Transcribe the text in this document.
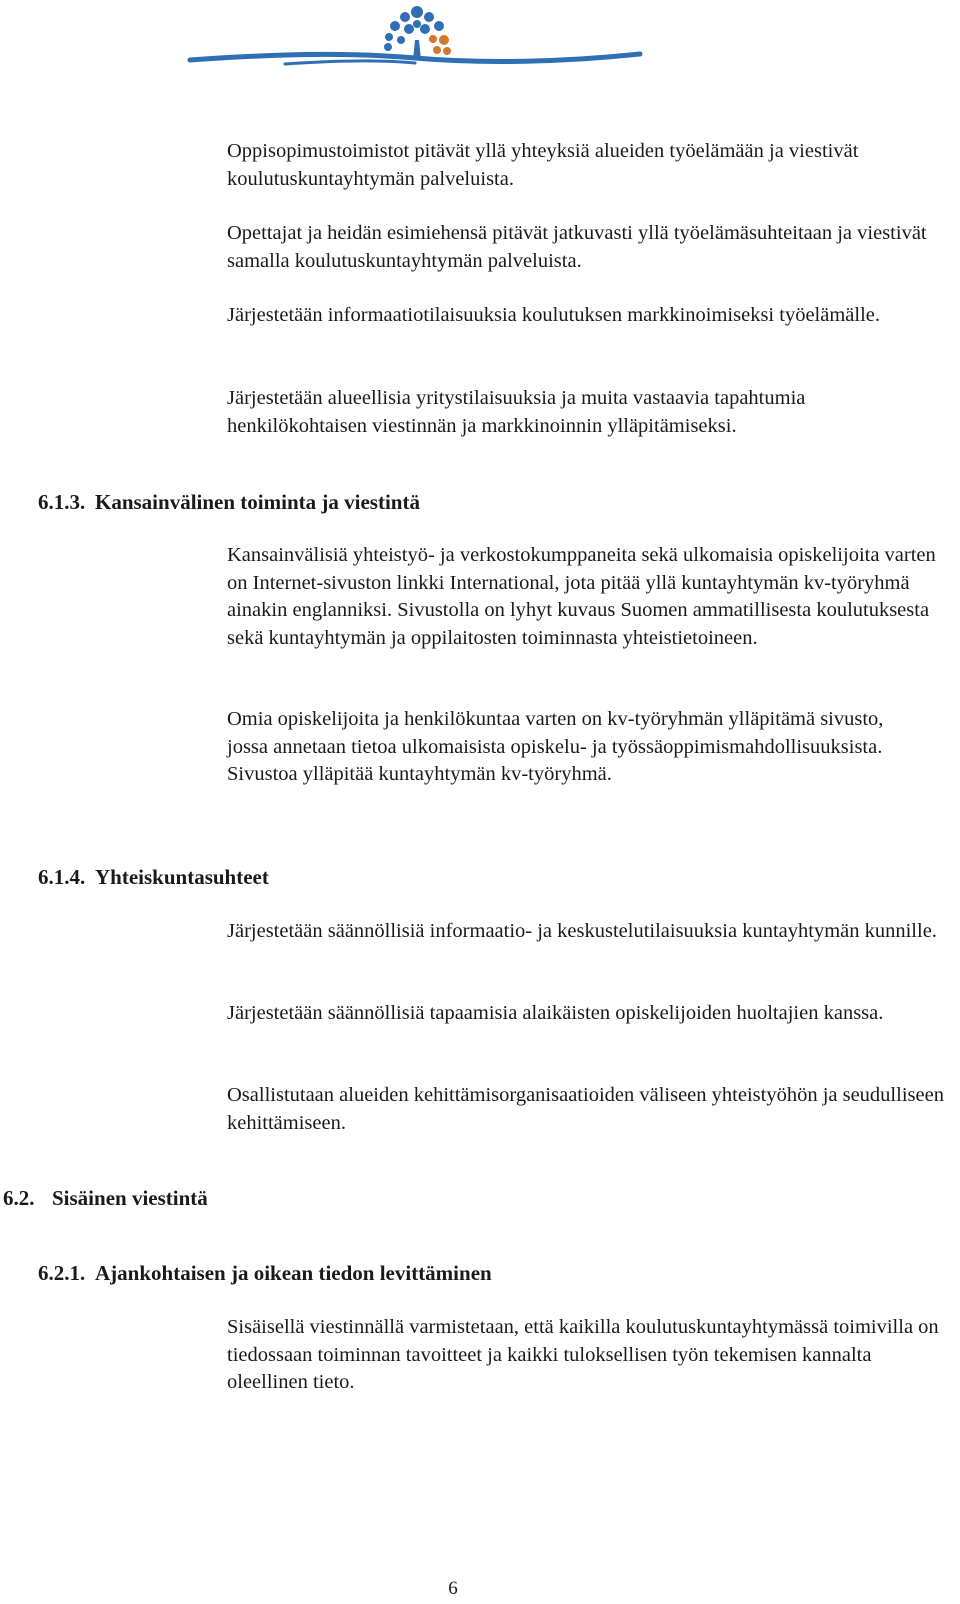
Oppisopimustoimistot pitävät yllä yhteyksiä alueiden työelämään ja viestivät koulutuskuntayhtymän palveluista.

Opettajat ja heidän esimiehensä pitävät jatkuvasti yllä työelämäsuhteitaan ja viestivät samalla koulutuskuntayhtymän palveluista.

Järjestetään informaatiotilaisuuksia koulutuksen markkinoimiseksi työelämälle.

Järjestetään alueellisia yritystilaisuuksia ja muita vastaavia tapahtumia henkilökohtaisen viestinnän ja markkinoinnin ylläpitämiseksi.

6.1.3. Kansainvälinen toiminta ja viestintä

Kansainvälisiä yhteistyö- ja verkostokumppaneita sekä ulkomaisia opiskelijoita varten on Internet-sivuston linkki International, jota pitää yllä kuntayhtymän kv-työryhmä ainakin englanniksi. Sivustolla on lyhyt kuvaus Suomen ammatillisesta koulutuksesta sekä kuntayhtymän ja oppilaitosten toiminnasta yhteistietoineen.

Omia opiskelijoita ja henkilökuntaa varten on kv-työryhmän ylläpitämä sivusto, jossa annetaan tietoa ulkomaisista opiskelu- ja työssäoppimismahdollisuuksista. Sivustoa ylläpitää kuntayhtymän kv-työryhmä.

6.1.4. Yhteiskuntasuhteet

Järjestetään säännöllisiä informaatio- ja keskustelutilaisuuksia kuntayhtymän kunnille.

Järjestetään säännöllisiä tapaamisia alaikäisten opiskelijoiden huoltajien kanssa.

Osallistutaan alueiden kehittämisorganisaatioiden väliseen yhteistyöhön ja seudulliseen kehittämiseen.

6.2. Sisäinen viestintä
6.2.1. Ajankohtaisen ja oikean tiedon levittäminen

Sisäisellä viestinnällä varmistetaan, että kaikilla koulutuskuntayhtymässä toimivilla on tiedossaan toiminnan tavoitteet ja kaikki tuloksellisen työn tekemisen kannalta oleellinen tieto.

6
